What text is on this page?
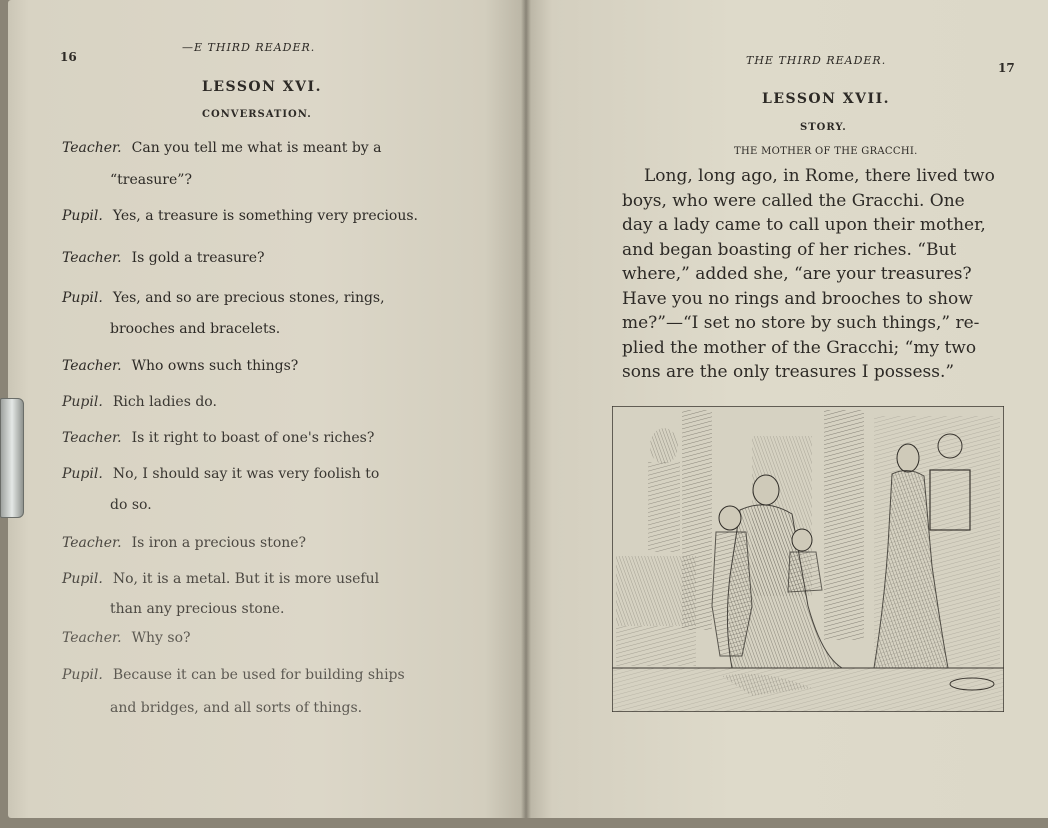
16
—E THIRD READER.
LESSON XVI.
CONVERSATION.
Teacher. Can you tell me what is meant by a
“treasure”?
Pupil. Yes, a treasure is something very precious.
Teacher. Is gold a treasure?
Pupil. Yes, and so are precious stones, rings,
brooches and bracelets.
Teacher. Who owns such things?
Pupil. Rich ladies do.
Teacher. Is it right to boast of one's riches?
Pupil. No, I should say it was very foolish to
do so.
Teacher. Is iron a precious stone?
Pupil. No, it is a metal. But it is more useful
than any precious stone.
Teacher. Why so?
Pupil. Because it can be used for building ships
and bridges, and all sorts of things.
THE THIRD READER.
17
LESSON XVII.
STORY.
THE MOTHER OF THE GRACCHI.
Long, long ago, in Rome, there lived two
boys, who were called the Gracchi. One
day a lady came to call upon their mother,
and began boasting of her riches. “But
where,” added she, “are your treasures?
Have you no rings and brooches to show
me?”—“I set no store by such things,” re-
plied the mother of the Gracchi; “my two
sons are the only treasures I possess.”
